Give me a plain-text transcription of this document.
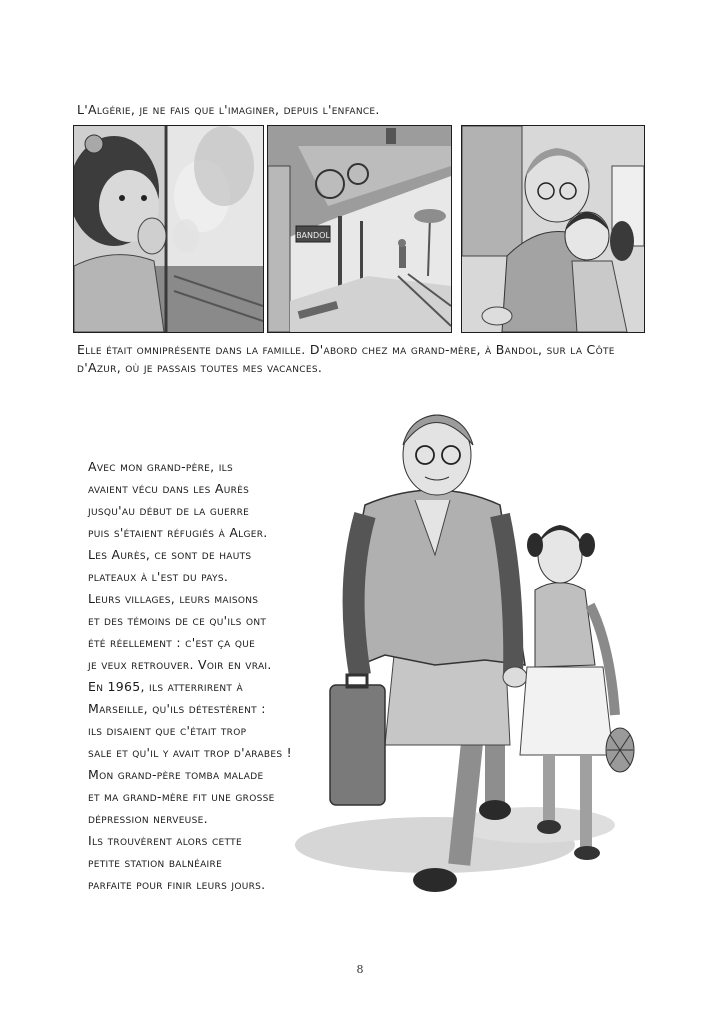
L'Algérie, je ne fais que l'imaginer, depuis l'enfance.
BANDOL
Elle était omniprésente dans la famille. D'abord chez ma grand-mère, à Bandol, sur la Côte d'Azur, où je passais toutes mes vacances.
Avec mon grand-père, ils
avaient vécu dans les Aurès
jusqu'au début de la guerre
puis s'étaient réfugiés à Alger.
Les Aurès, ce sont de hauts
plateaux à l'est du pays.
Leurs villages, leurs maisons
et des témoins de ce qu'ils ont
été réellement : c'est ça que
je veux retrouver. Voir en vrai.
En 1965, ils atterrirent à
Marseille, qu'ils détestèrent :
ils disaient que c'était trop
sale et qu'il y avait trop d'arabes !
Mon grand-père tomba malade
et ma grand-mère fit une grosse
dépression nerveuse.
Ils trouvèrent alors cette
petite station balnéaire
parfaite pour finir leurs jours.
8
